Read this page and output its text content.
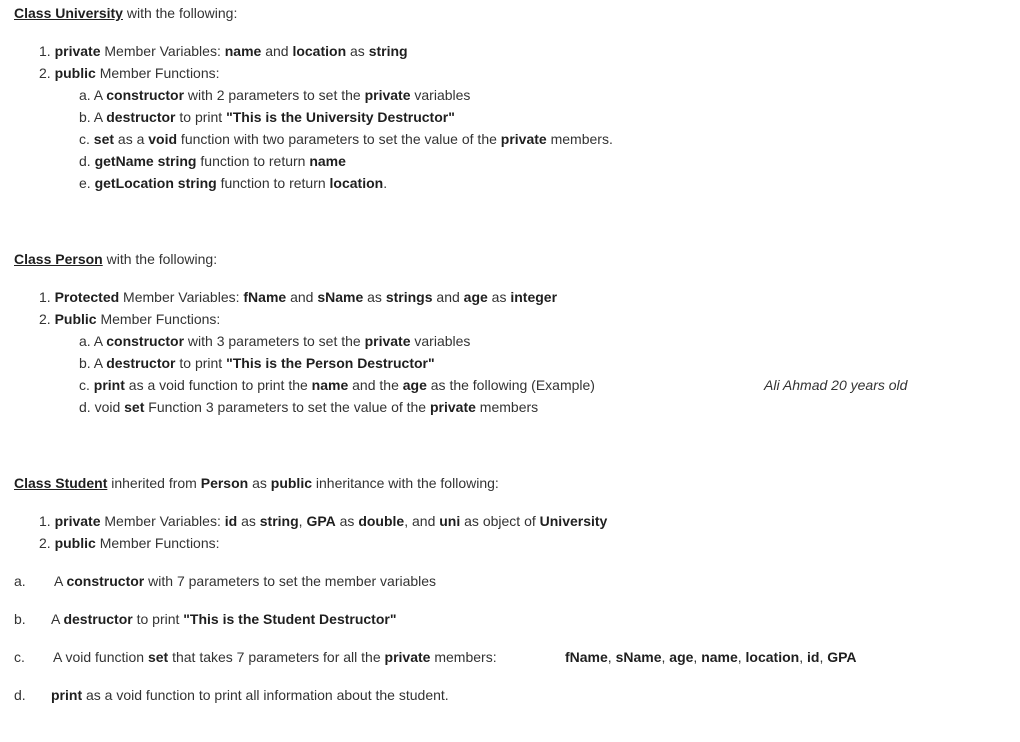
Class University with the following:
1. private Member Variables: name and location as string
2. public Member Functions:
a. A constructor with 2 parameters to set the private variables
b. A destructor to print "This is the University Destructor"
c. set as a void function with two parameters to set the value of the private members.
d. getName string function to return name
e. getLocation string function to return location.
Class Person with the following:
1. Protected Member Variables: fName and sName as strings and age as integer
2. Public Member Functions:
a. A constructor with 3 parameters to set the private variables
b. A destructor to print "This is the Person Destructor"
c. print as a void function to print the name and the age as the following (Example)	Ali Ahmad 20 years old
d. void set Function 3 parameters to set the value of the private members
Class Student inherited from Person as public inheritance with the following:
1. private Member Variables: id as string, GPA as double, and uni as object of University
2. public Member Functions:
a. A constructor with 7 parameters to set the member variables
b. A destructor to print "This is the Student Destructor"
c. A void function set that takes 7 parameters for all the private members:	fName, sName, age, name, location, id, GPA
d. print as a void function to print all information about the student.
